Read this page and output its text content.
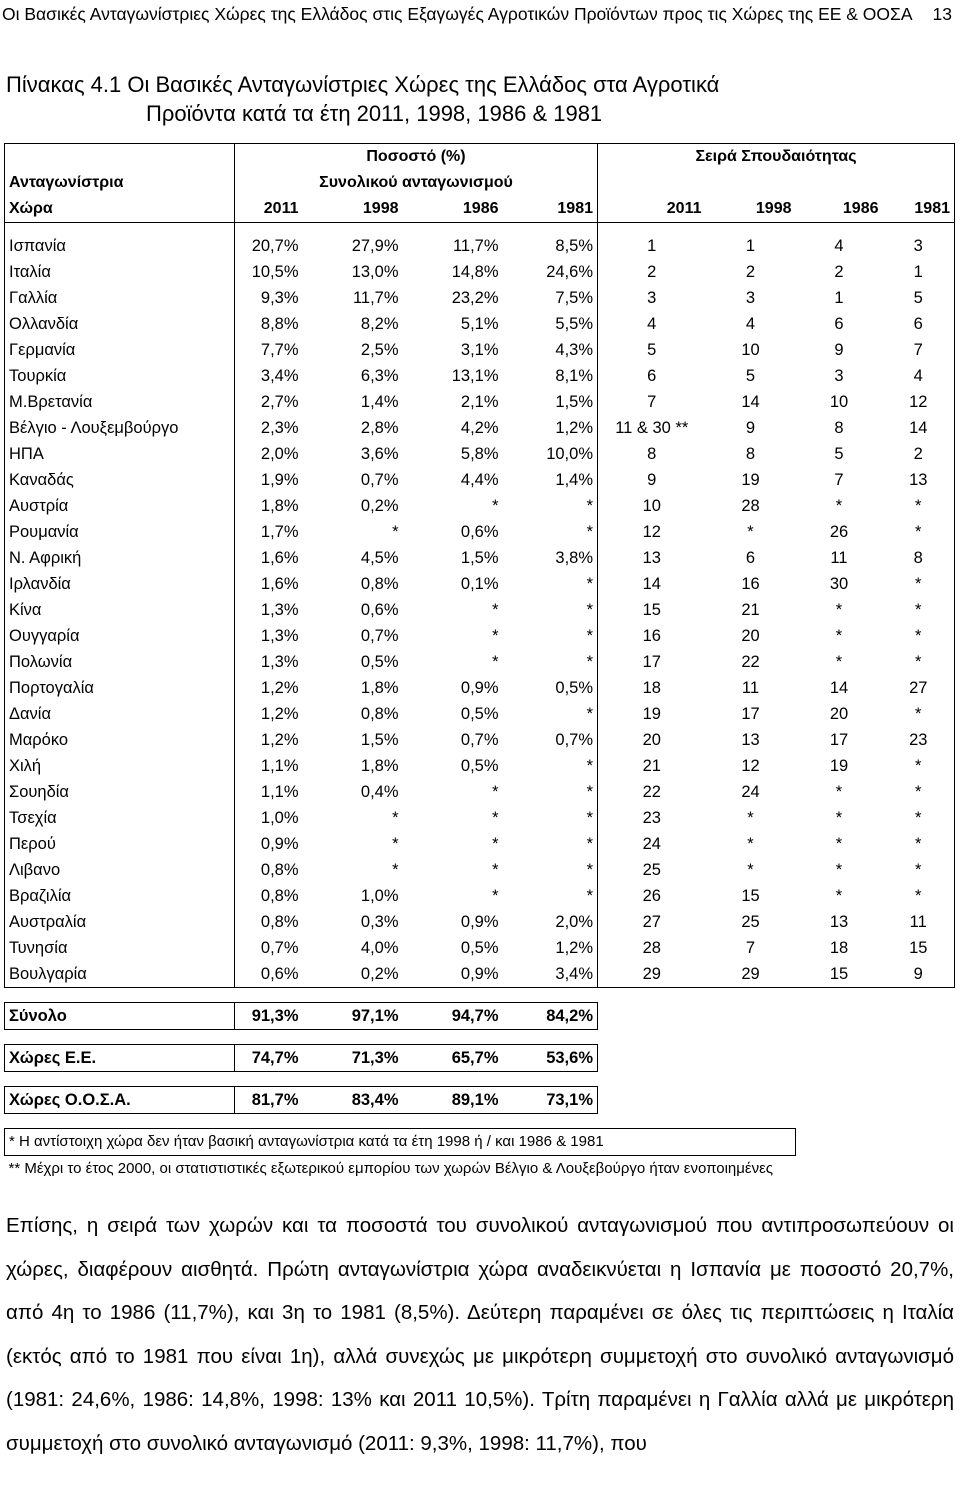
Οι Βασικές Ανταγωνίστριες Χώρες της Ελλάδος στις Εξαγωγές Αγροτικών Προϊόντων προς τις Χώρες της ΕΕ & ΟΟΣΑ 13
Πίνακας 4.1 Οι Βασικές Ανταγωνίστριες Χώρες της Ελλάδος στα Αγροτικά
Προϊόντα κατά τα έτη 2011, 1998, 1986 & 1981
	Ποσοστό (%)				Σειρά Σπουδαιότητας			
Ανταγωνίστρια	Συνολικού ανταγωνισμού							
Χώρα	2011	1998	1986	1981	2011	1998	1986	1981

Ισπανία	20,7%	27,9%	11,7%	8,5%	1	1	4	3
Ιταλία	10,5%	13,0%	14,8%	24,6%	2	2	2	1
Γαλλία	9,3%	11,7%	23,2%	7,5%	3	3	1	5
Ολλανδία	8,8%	8,2%	5,1%	5,5%	4	4	6	6
Γερμανία	7,7%	2,5%	3,1%	4,3%	5	10	9	7
Τουρκία	3,4%	6,3%	13,1%	8,1%	6	5	3	4
Μ.Βρετανία	2,7%	1,4%	2,1%	1,5%	7	14	10	12
Βέλγιο - Λουξεμβούργο	2,3%	2,8%	4,2%	1,2%	11 & 30 **	9	8	14
ΗΠΑ	2,0%	3,6%	5,8%	10,0%	8	8	5	2
Καναδάς	1,9%	0,7%	4,4%	1,4%	9	19	7	13
Αυστρία	1,8%	0,2%	*	*	10	28	*	*
Ρουμανία	1,7%	*	0,6%	*	12	*	26	*
Ν. Αφρική	1,6%	4,5%	1,5%	3,8%	13	6	11	8
Ιρλανδία	1,6%	0,8%	0,1%	*	14	16	30	*
Κίνα	1,3%	0,6%	*	*	15	21	*	*
Ουγγαρία	1,3%	0,7%	*	*	16	20	*	*
Πολωνία	1,3%	0,5%	*	*	17	22	*	*
Πορτογαλία	1,2%	1,8%	0,9%	0,5%	18	11	14	27
Δανία	1,2%	0,8%	0,5%	*	19	17	20	*
Μαρόκο	1,2%	1,5%	0,7%	0,7%	20	13	17	23
Χιλή	1,1%	1,8%	0,5%	*	21	12	19	*
Σουηδία	1,1%	0,4%	*	*	22	24	*	*
Τσεχία	1,0%	*	*	*	23	*	*	*
Περού	0,9%	*	*	*	24	*	*	*
Λιβανο	0,8%	*	*	*	25	*	*	*
Βραζιλία	0,8%	1,0%	*	*	26	15	*	*
Αυστραλία	0,8%	0,3%	0,9%	2,0%	27	25	13	11
Τυνησία	0,7%	4,0%	0,5%	1,2%	28	7	18	15
Βουλγαρία	0,6%	0,2%	0,9%	3,4%	29	29	15	9

Σύνολο	91,3%	97,1%	94,7%	84,2%				

Χώρες Ε.Ε.	74,7%	71,3%	65,7%	53,6%				

Χώρες Ο.Ο.Σ.Α.	81,7%	83,4%	89,1%	73,1%				

* Η αντίστοιχη χώρα δεν ήταν βασική ανταγωνίστρια κατά τα έτη 1998 ή / και 1986 & 1981								
** Μέχρι το έτος 2000, οι στατιστιστικές εξωτερικού εμπορίου των χωρών Βέλγιο & Λουξεβούργο ήταν ενοποιημένες								
Επίσης, η σειρά των χωρών και τα ποσοστά του συνολικού ανταγωνισμού που αντιπροσωπεύουν οι χώρες, διαφέρουν αισθητά. Πρώτη ανταγωνίστρια χώρα αναδεικνύεται η Ισπανία με ποσοστό 20,7%, από 4η το 1986 (11,7%), και 3η το 1981 (8,5%). Δεύτερη παραμένει σε όλες τις περιπτώσεις η Ιταλία (εκτός από το 1981 που είναι 1η), αλλά συνεχώς με μικρότερη συμμετοχή στο συνολικό ανταγωνισμό (1981: 24,6%, 1986: 14,8%, 1998: 13% και 2011 10,5%). Τρίτη παραμένει η Γαλλία αλλά με μικρότερη συμμετοχή στο συνολικό ανταγωνισμό (2011: 9,3%, 1998: 11,7%), που
